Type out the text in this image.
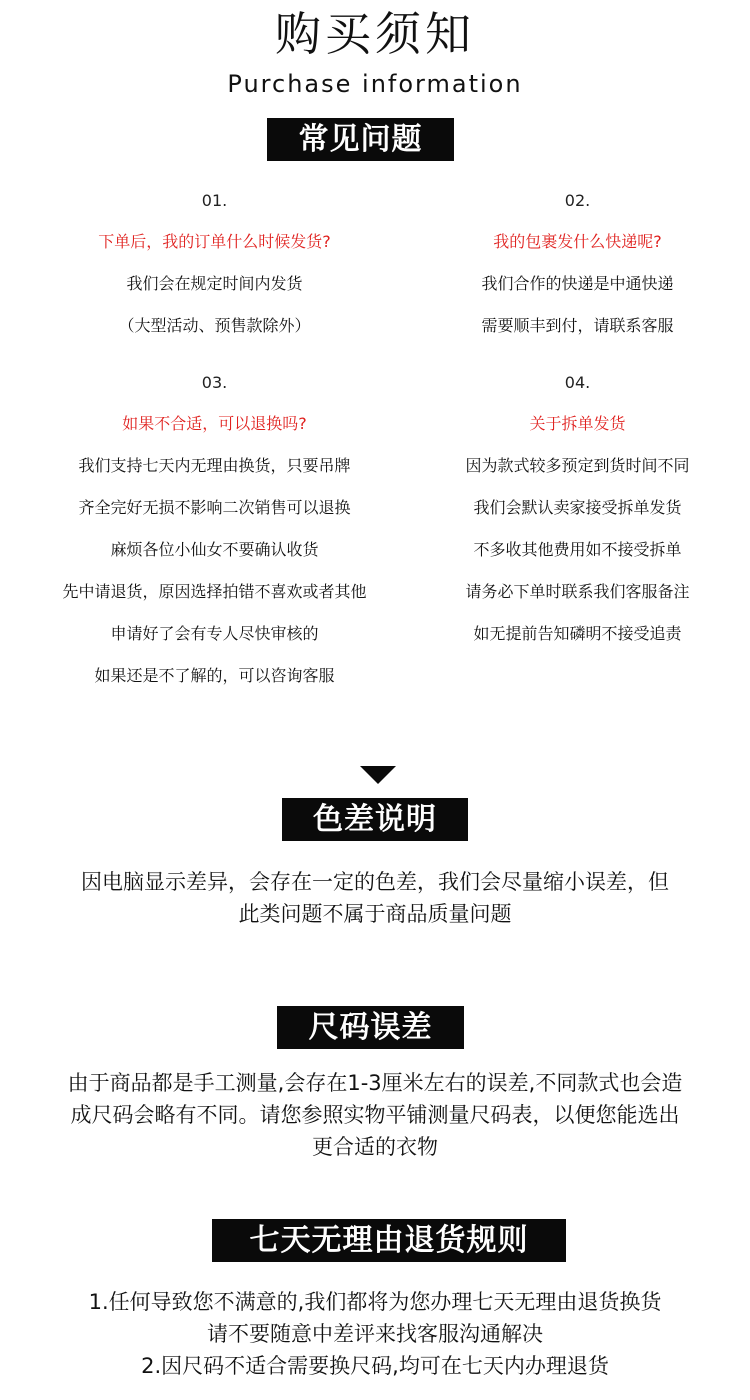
购买须知
Purchase information
常见问题
01.
下单后，我的订单什么时候发货?
我们会在规定时间内发货
（大型活动、预售款除外）
02.
我的包裹发什么快递呢?
我们合作的快递是中通快递
需要顺丰到付，请联系客服
03.
如果不合适，可以退换吗?
我们支持七天内无理由换货，只要吊牌
齐全完好无损不影响二次销售可以退换
麻烦各位小仙女不要确认收货
先中请退货，原因选择拍错不喜欢或者其他
申请好了会有专人尽快审核的
如果还是不了解的，可以咨询客服
04.
关于拆单发货
因为款式较多预定到货时间不同
我们会默认卖家接受拆单发货
不多收其他费用如不接受拆单
请务必下单时联系我们客服备注
如无提前告知磷明不接受追责
色差说明
因电脑显示差异，会存在一定的色差，我们会尽量缩小误差，但
此类问题不属于商品质量问题
尺码误差
由于商品都是手工测量,会存在1-3厘米左右的误差,不同款式也会造
成尺码会略有不同。请您参照实物平铺测量尺码表，以便您能选出
更合适的衣物
七天无理由退货规则
1.任何导致您不满意的,我们都将为您办理七天无理由退货换货
请不要随意中差评来找客服沟通解决
2.因尺码不适合需要换尺码,均可在七天内办理退货
